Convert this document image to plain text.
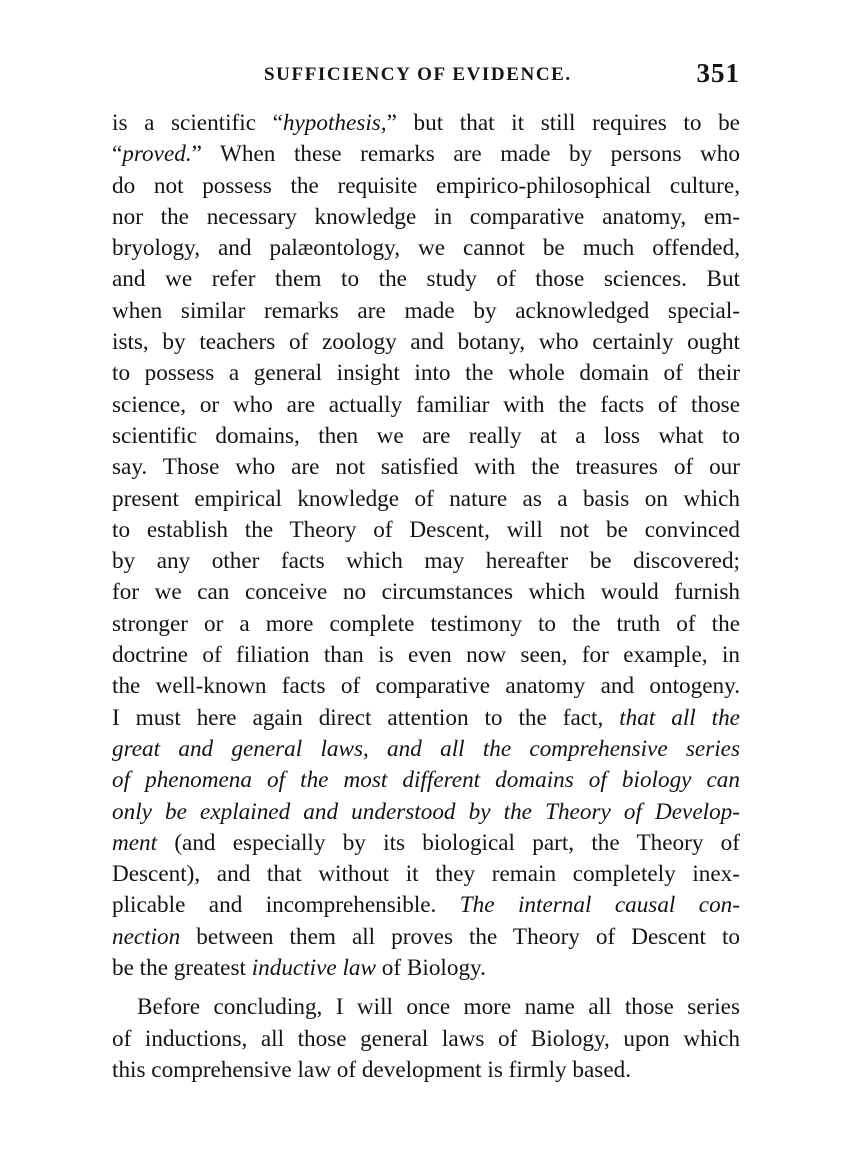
SUFFICIENCY OF EVIDENCE.	351
is a scientific “hypothesis,” but that it still requires to be
“proved.” When these remarks are made by persons who
do not possess the requisite empirico-philosophical culture,
nor the necessary knowledge in comparative anatomy, em-
bryology, and palæontology, we cannot be much offended,
and we refer them to the study of those sciences. But
when similar remarks are made by acknowledged special-
ists, by teachers of zoology and botany, who certainly ought
to possess a general insight into the whole domain of their
science, or who are actually familiar with the facts of those
scientific domains, then we are really at a loss what to
say. Those who are not satisfied with the treasures of our
present empirical knowledge of nature as a basis on which
to establish the Theory of Descent, will not be convinced
by any other facts which may hereafter be discovered;
for we can conceive no circumstances which would furnish
stronger or a more complete testimony to the truth of the
doctrine of filiation than is even now seen, for example, in
the well-known facts of comparative anatomy and ontogeny.
I must here again direct attention to the fact, that all the
great and general laws, and all the comprehensive series
of phenomena of the most different domains of biology can
only be explained and understood by the Theory of Develop-
ment (and especially by its biological part, the Theory of
Descent), and that without it they remain completely inex-
plicable and incomprehensible. The internal causal con-
nection between them all proves the Theory of Descent to
be the greatest inductive law of Biology.
Before concluding, I will once more name all those series
of inductions, all those general laws of Biology, upon which
this comprehensive law of development is firmly based.
